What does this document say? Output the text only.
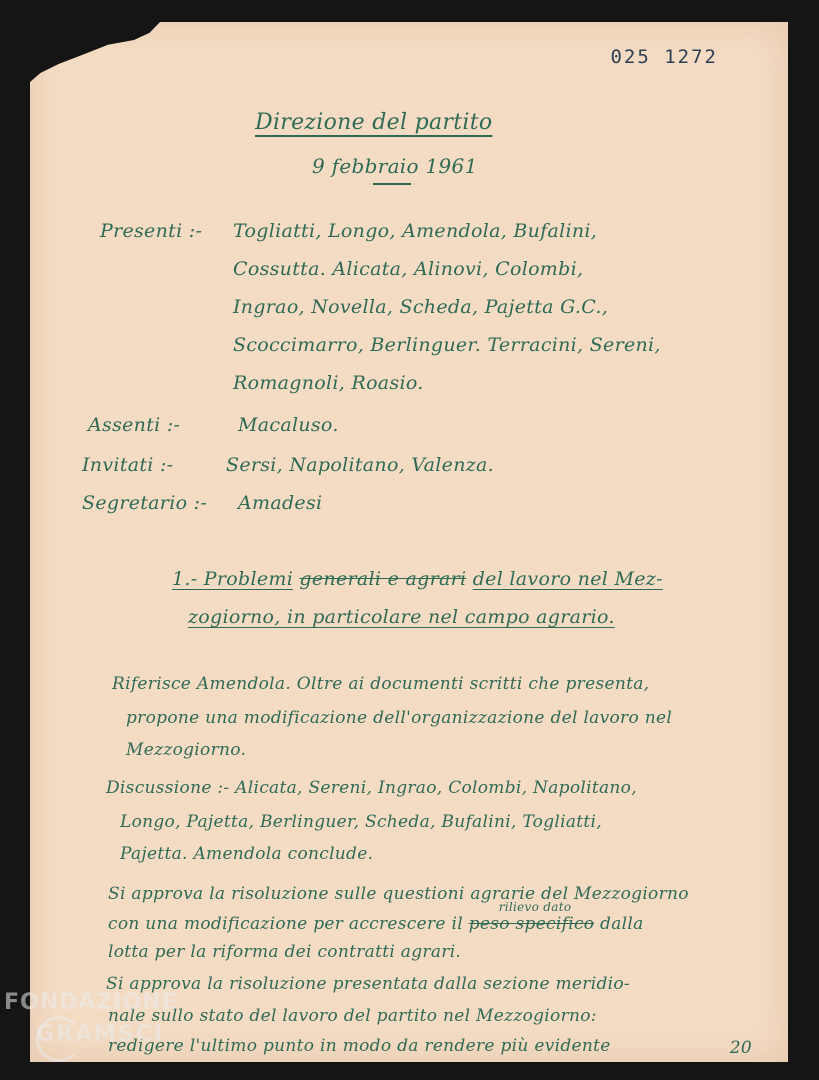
025 1272
Direzione del partito
9 febbraio 1961
Presenti :- Togliatti, Longo, Amendola, Bufalini,
Cossutta. Alicata, Alinovi, Colombi,
Ingrao, Novella, Scheda, Pajetta G.C.,
Scoccimarro, Berlinguer. Terracini, Sereni,
Romagnoli, Roasio.
Assenti :-	Macaluso.
Invitati :-	Sersi, Napolitano, Valenza.
Segretario :- Amadesi
1.- Problemi generali e agrari del lavoro nel Mez-
zogiorno, in particolare nel campo agrario.
Riferisce Amendola. Oltre ai documenti scritti che presenta,
propone una modificazione dell'organizzazione del lavoro nel
Mezzogiorno.
Discussione :- Alicata, Sereni, Ingrao, Colombi, Napolitano,
Longo, Pajetta, Berlinguer, Scheda, Bufalini, Togliatti,
Pajetta. Amendola conclude.
Si approva la risoluzione sulle questioni agrarie del Mezzogiorno
con una modificazione per accrescere il peso specifico
rilievo dato
dalla
lotta per la riforma dei contratti agrari.
Si approva la risoluzione presentata dalla sezione meridio-
nale sullo stato del lavoro del partito nel Mezzogiorno:
redigere l'ultimo punto in modo da rendere più evidente	20
FONDAZIONE
GRAMSCI
